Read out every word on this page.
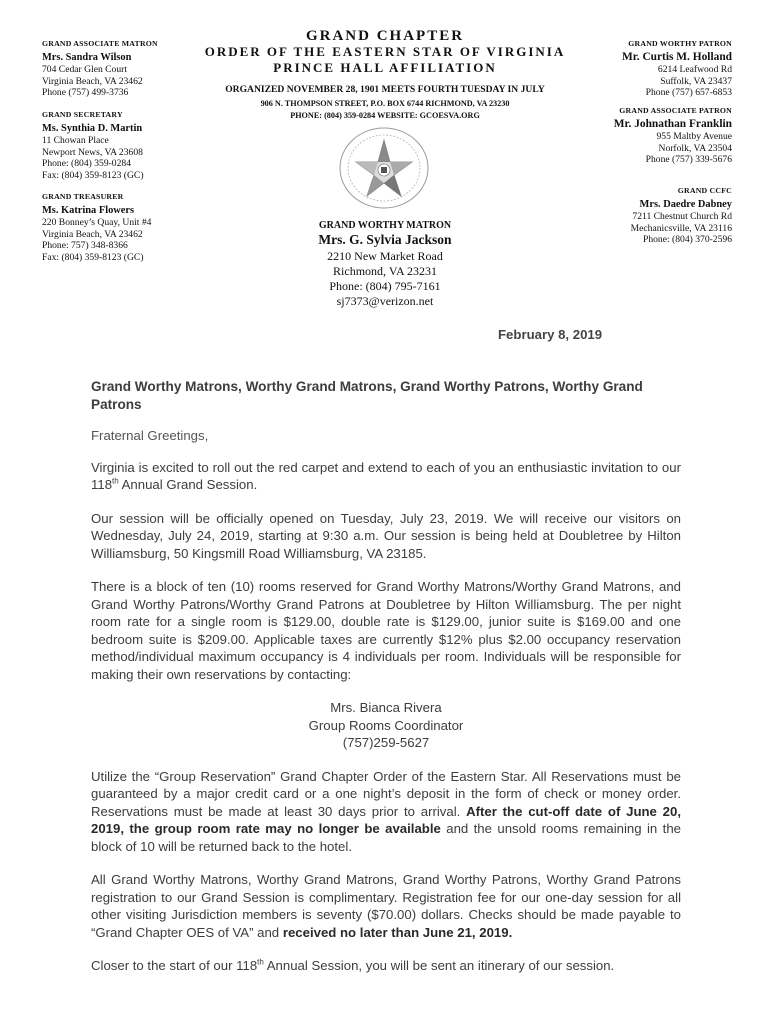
GRAND CHAPTER
ORDER OF THE EASTERN STAR OF VIRGINIA
PRINCE HALL AFFILIATION
ORGANIZED NOVEMBER 28, 1901 MEETS FOURTH TUESDAY IN JULY
906 N. THOMPSON STREET, P.O. BOX 6744 RICHMOND, VA 23230
PHONE: (804) 359-0284 WEBSITE: GCOESVA.ORG
GRAND ASSOCIATE MATRON
Mrs. Sandra Wilson
704 Cedar Glen Court
Virginia Beach, VA 23462
Phone (757) 499-3736
GRAND SECRETARY
Ms. Synthia D. Martin
11 Chowan Place
Newport News, VA 23608
Phone: (804) 359-0284
Fax: (804) 359-8123 (GC)
GRAND TREASURER
Ms. Katrina Flowers
220 Bonney’s Quay, Unit #4
Virginia Beach, VA 23462
Phone: 757) 348-8366
Fax: (804) 359-8123 (GC)
GRAND WORTHY PATRON
Mr. Curtis M. Holland
6214 Leafwood Rd
Suffolk, VA 23437
Phone (757) 657-6853
GRAND ASSOCIATE PATRON
Mr. Johnathan Franklin
955 Maltby Avenue
Norfolk, VA 23504
Phone (757) 339-5676
GRAND CCFC
Mrs. Daedre Dabney
7211 Chestnut Church Rd
Mechanicsville, VA 23116
Phone: (804) 370-2596
GRAND WORTHY MATRON
Mrs. G. Sylvia Jackson
2210 New Market Road
Richmond, VA 23231
Phone: (804) 795-7161
sj7373@verizon.net
February 8, 2019

Grand Worthy Matrons, Worthy Grand Matrons, Grand Worthy Patrons, Worthy Grand Patrons

Fraternal Greetings,

Virginia is excited to roll out the red carpet and extend to each of you an enthusiastic invitation to our 118th Annual Grand Session.

Our session will be officially opened on Tuesday, July 23, 2019. We will receive our visitors on Wednesday, July 24, 2019, starting at 9:30 a.m. Our session is being held at Doubletree by Hilton Williamsburg, 50 Kingsmill Road Williamsburg, VA 23185.

There is a block of ten (10) rooms reserved for Grand Worthy Matrons/Worthy Grand Matrons, and Grand Worthy Patrons/Worthy Grand Patrons at Doubletree by Hilton Williamsburg. The per night room rate for a single room is $129.00, double rate is $129.00, junior suite is $169.00 and one bedroom suite is $209.00. Applicable taxes are currently $12% plus $2.00 occupancy reservation method/individual maximum occupancy is 4 individuals per room. Individuals will be responsible for making their own reservations by contacting:

Mrs. Bianca Rivera
Group Rooms Coordinator
(757)259-5627

Utilize the “Group Reservation” Grand Chapter Order of the Eastern Star. All Reservations must be guaranteed by a major credit card or a one night’s deposit in the form of check or money order. Reservations must be made at least 30 days prior to arrival. After the cut-off date of June 20, 2019, the group room rate may no longer be available and the unsold rooms remaining in the block of 10 will be returned back to the hotel.

All Grand Worthy Matrons, Worthy Grand Matrons, Grand Worthy Patrons, Worthy Grand Patrons registration to our Grand Session is complimentary. Registration fee for our one-day session for all other visiting Jurisdiction members is seventy ($70.00) dollars. Checks should be made payable to “Grand Chapter OES of VA” and received no later than June 21, 2019.

Closer to the start of our 118th Annual Session, you will be sent an itinerary of our session.
